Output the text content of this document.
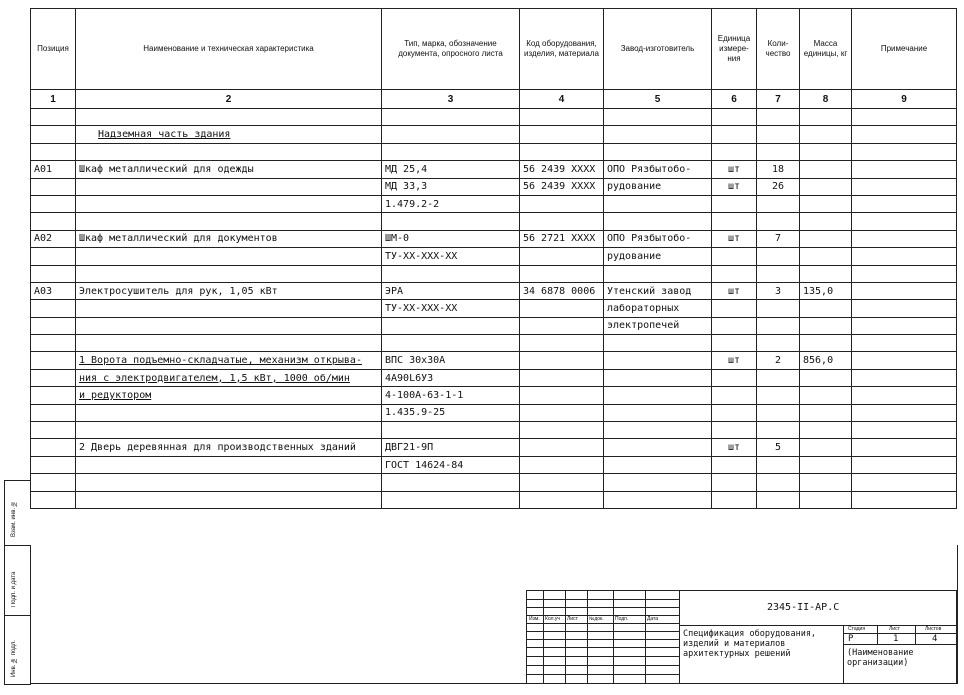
Позиция	Наименование и техническая характеристика	Тип, марка, обозначение документа, опросного листа	Код оборудования, изделия, материала	Завод-изготовитель	Единица измере-ния	Коли-чество	Масса единицы, кг	Примечание
1	2	3	4	5	6	7	8	9

	Надземная часть здания							

А01	Шкаф металлический для одежды	МД 25,4	56 2439 XXXX	ОПО Рязбытобо-	шт	18		
		МД 33,3	56 2439 XXXX	рудование	шт	26		
		1.479.2-2						

А02	Шкаф металлический для документов	ШМ-0	56 2721 XXXX	ОПО Рязбытобо-	шт	7		
		ТУ-ХХ-ХХХ-ХХ		рудование				

А03	Электросушитель для рук, 1,05 кВт	ЭРА	34 6878 0006	Утенский завод	шт	3	135,0	
		ТУ-ХХ-ХХХ-ХХ		лабораторных				
				электропечей				

	1 Ворота подъемно-складчатые, механизм открыва-	ВПС 30х30А			шт	2	856,0	
	ния с электродвигателем, 1,5 кВт, 1000 об/мин	4А90L6У3						
	и редуктором	4-100А-63-1-1						
		1.435.9-25						

	2 Дверь деревянная для производственных зданий	ДВГ21-9П			шт	5		
		ГОСТ 14624-84						

Взам. инв. №
Подп. и дата
Инв. № подл.
Изм. Кол.уч Лист №док. Подп.	Дата
2345-II-АР.С
Спецификация оборудования, изделий и материалов архитектурных решений
Стадия	Лист	Листов
Р	1	4
(Наименование организации)
